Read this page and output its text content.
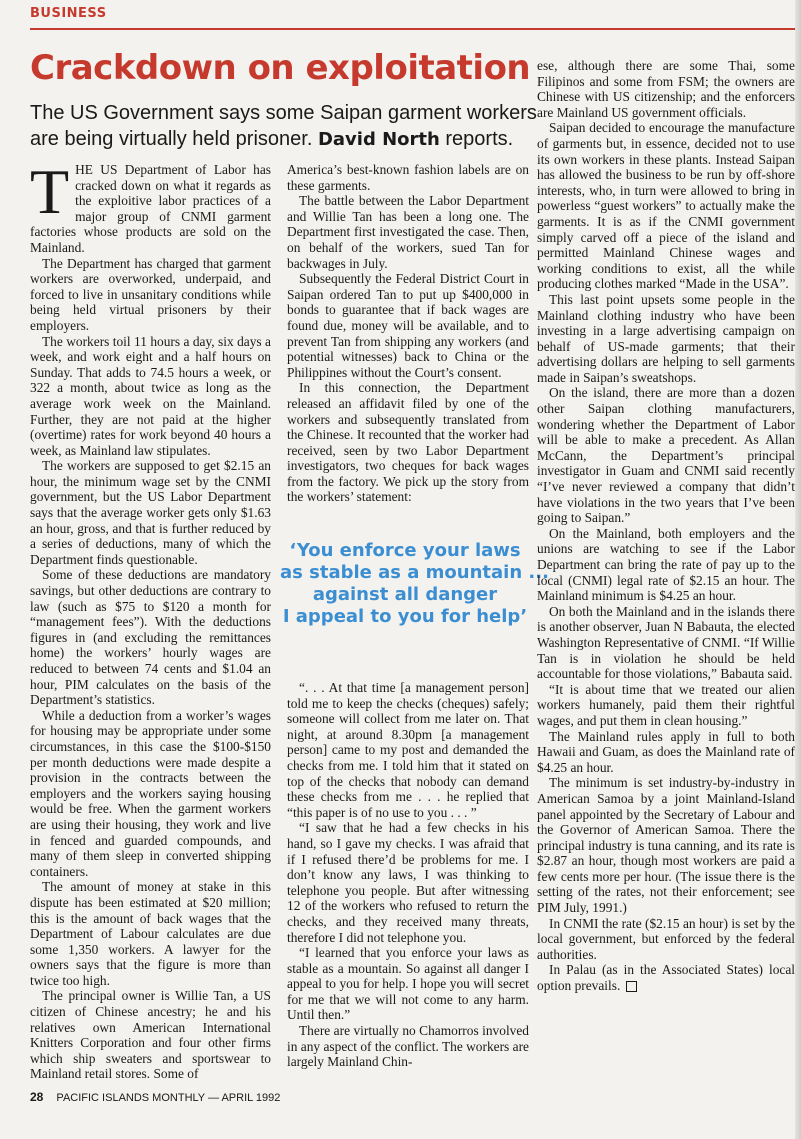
BUSINESS
Crackdown on exploitation
The US Government says some Saipan garment workers are being virtually held prisoner. David North reports.

THE US Department of Labor has cracked down on what it regards as the exploitive labor practices of a major group of CNMI garment factories whose products are sold on the Mainland.

The Department has charged that garment workers are overworked, underpaid, and forced to live in unsanitary conditions while being held virtual prisoners by their employers.

The workers toil 11 hours a day, six days a week, and work eight and a half hours on Sunday. That adds to 74.5 hours a week, or 322 a month, about twice as long as the average work week on the Mainland. Further, they are not paid at the higher (overtime) rates for work beyond 40 hours a week, as Mainland law stipulates.

The workers are supposed to get $2.15 an hour, the minimum wage set by the CNMI government, but the US Labor Department says that the average worker gets only $1.63 an hour, gross, and that is further reduced by a series of deductions, many of which the Department finds questionable.

Some of these deductions are mandatory savings, but other deductions are contrary to law (such as $75 to $120 a month for “management fees”). With the deductions figures in (and excluding the remittances home) the workers’ hourly wages are reduced to between 74 cents and $1.04 an hour, PIM calculates on the basis of the Department’s statistics.

While a deduction from a worker’s wages for housing may be appropriate under some circumstances, in this case the $100-$150 per month deductions were made despite a provision in the contracts between the employers and the workers saying housing would be free. When the garment workers are using their housing, they work and live in fenced and guarded compounds, and many of them sleep in converted shipping containers.

The amount of money at stake in this dispute has been estimated at $20 million; this is the amount of back wages that the Department of Labour calculates are due some 1,350 workers. A lawyer for the owners says that the figure is more than twice too high.

The principal owner is Willie Tan, a US citizen of Chinese ancestry; he and his relatives own American International Knitters Corporation and four other firms which ship sweaters and sportswear to Mainland retail stores. Some of

America’s best-known fashion labels are on these garments.

The battle between the Labor Department and Willie Tan has been a long one. The Department first investigated the case. Then, on behalf of the workers, sued Tan for backwages in July.

Subsequently the Federal District Court in Saipan ordered Tan to put up $400,000 in bonds to guarantee that if back wages are found due, money will be available, and to prevent Tan from shipping any workers (and potential witnesses) back to China or the Philippines without the Court’s consent.

In this connection, the Department released an affidavit filed by one of the workers and subsequently translated from the Chinese. It recounted that the worker had received, seen by two Labor Department investigators, two cheques for back wages from the factory. We pick up the story from the workers’ statement:

‘You enforce your laws
as stable as a mountain ...
against all danger
I appeal to you for help’

“. . . At that time [a management person] told me to keep the checks (cheques) safely; someone will collect from me later on. That night, at around 8.30pm [a management person] came to my post and demanded the checks from me. I told him that it stated on top of the checks that nobody can demand these checks from me . . . he replied that “this paper is of no use to you . . . ”

“I saw that he had a few checks in his hand, so I gave my checks. I was afraid that if I refused there’d be problems for me. I don’t know any laws, I was thinking to telephone you people. But after witnessing 12 of the workers who refused to return the checks, and they received many threats, therefore I did not telephone you.

“I learned that you enforce your laws as stable as a mountain. So against all danger I appeal to you for help. I hope you will secret for me that we will not come to any harm. Until then.”

There are virtually no Chamorros involved in any aspect of the conflict. The workers are largely Mainland Chin-

ese, although there are some Thai, some Filipinos and some from FSM; the owners are Chinese with US citizenship; and the enforcers are Mainland US government officials.

Saipan decided to encourage the manufacture of garments but, in essence, decided not to use its own workers in these plants. Instead Saipan has allowed the business to be run by off-shore interests, who, in turn were allowed to bring in powerless “guest workers” to actually make the garments. It is as if the CNMI government simply carved off a piece of the island and permitted Mainland Chinese wages and working conditions to exist, all the while producing clothes marked “Made in the USA”.

This last point upsets some people in the Mainland clothing industry who have been investing in a large advertising campaign on behalf of US-made garments; that their advertising dollars are helping to sell garments made in Saipan’s sweatshops.

On the island, there are more than a dozen other Saipan clothing manufacturers, wondering whether the Department of Labor will be able to make a precedent. As Allan McCann, the Department’s principal investigator in Guam and CNMI said recently “I’ve never reviewed a company that didn’t have violations in the two years that I’ve been going to Saipan.”

On the Mainland, both employers and the unions are watching to see if the Labor Department can bring the rate of pay up to the local (CNMI) legal rate of $2.15 an hour. The Mainland minimum is $4.25 an hour.

On both the Mainland and in the islands there is another observer, Juan N Babauta, the elected Washington Representative of CNMI. “If Willie Tan is in violation he should be held accountable for those violations,” Babauta said.

“It is about time that we treated our alien workers humanely, paid them their rightful wages, and put them in clean housing.”

The Mainland rules apply in full to both Hawaii and Guam, as does the Mainland rate of $4.25 an hour.

The minimum is set industry-by-industry in American Samoa by a joint Mainland-Island panel appointed by the Secretary of Labour and the Governor of American Samoa. There the principal industry is tuna canning, and its rate is $2.87 an hour, though most workers are paid a few cents more per hour. (The issue there is the setting of the rates, not their enforcement; see PIM July, 1991.)

In CNMI the rate ($2.15 an hour) is set by the local government, but enforced by the federal authorities.

In Palau (as in the Associated States) local option prevails.

28 PACIFIC ISLANDS MONTHLY — APRIL 1992
